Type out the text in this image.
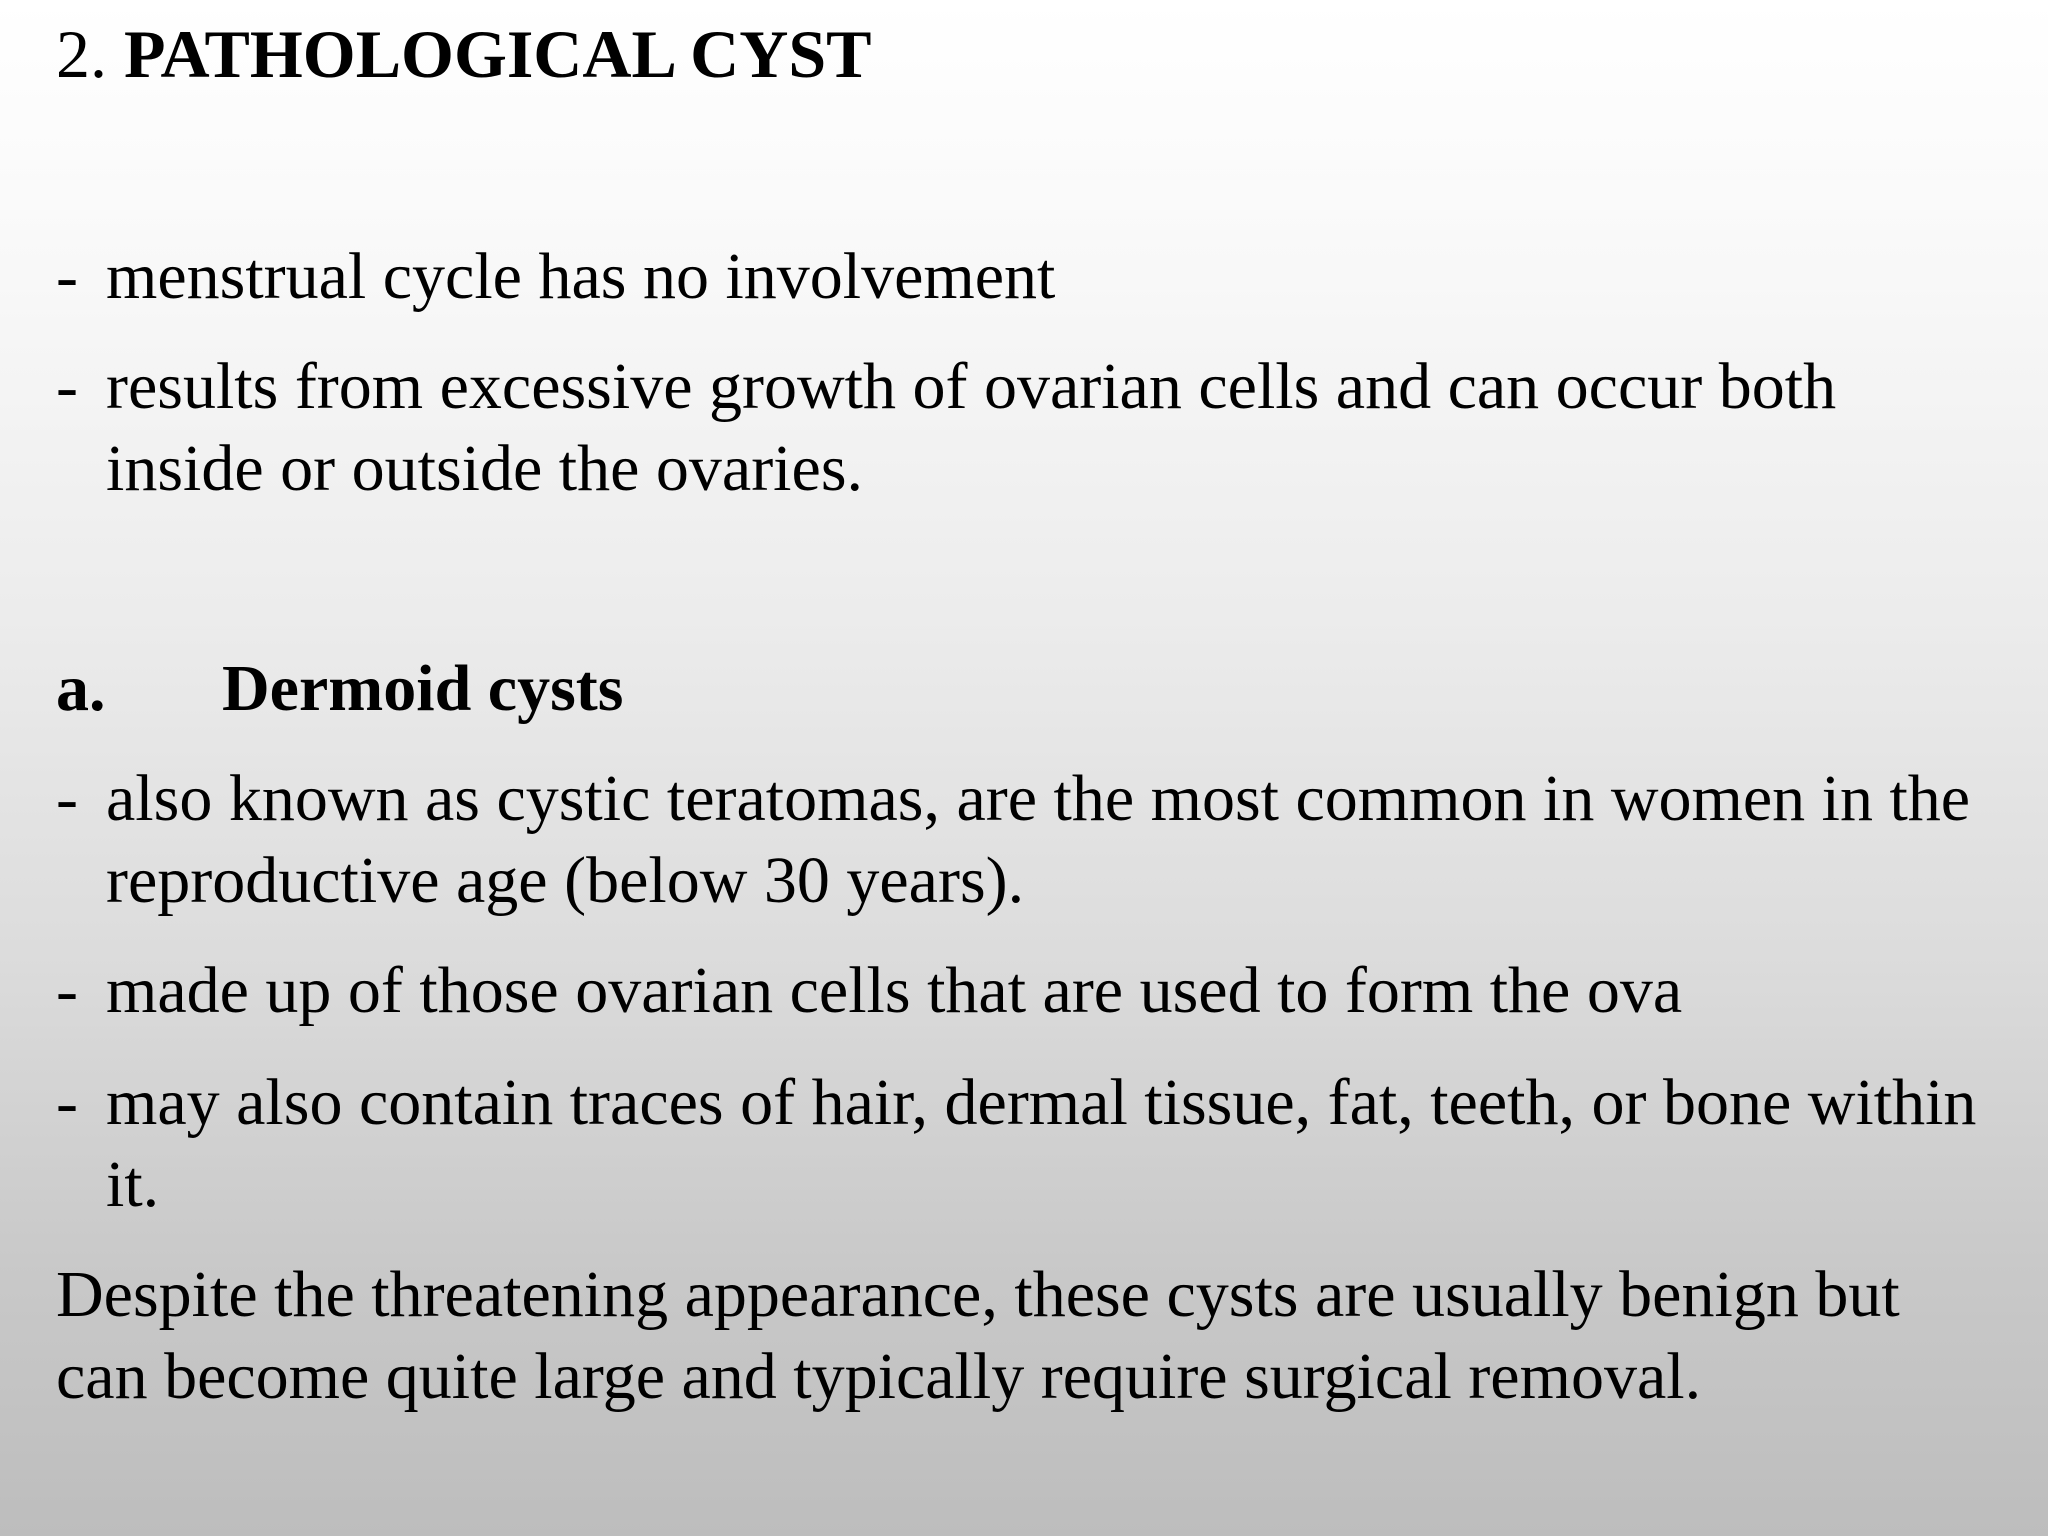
2. PATHOLOGICAL CYST
- menstrual cycle has no involvement
- results from excessive growth of ovarian cells and can occur both inside or outside the ovaries.
a. Dermoid cysts
- also known as cystic teratomas, are the most common in women in the reproductive age (below 30 years).
- made up of those ovarian cells that are used to form the ova
- may also contain traces of hair, dermal tissue, fat, teeth, or bone within it.
Despite the threatening appearance, these cysts are usually benign but can become quite large and typically require surgical removal.
